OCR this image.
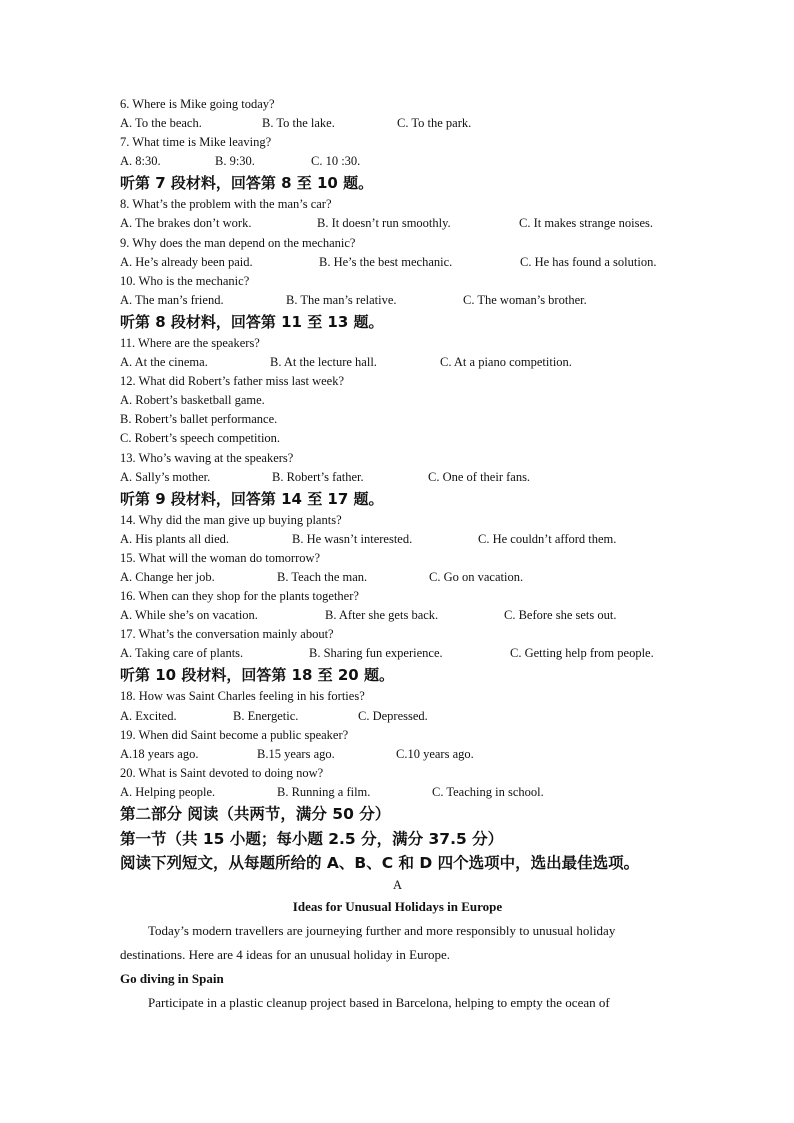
6. Where is Mike going today?
A. To the beach.	B. To the lake.	C. To the park.
7. What time is Mike leaving?
A. 8:30.	B. 9:30.	C. 10 :30.
听第 7 段材料，回答第 8 至 10 题。
8. What’s the problem with the man’s car?
A. The brakes don’t work.	B. It doesn’t run smoothly.	C. It makes strange noises.
9. Why does the man depend on the mechanic?
A. He’s already been paid.	B. He’s the best mechanic.	C. He has found a solution.
10. Who is the mechanic?
A. The man’s friend.	B. The man’s relative.	C. The woman’s brother.
听第 8 段材料，回答第 11 至 13 题。
11. Where are the speakers?
A. At the cinema.	B. At the lecture hall.	C. At a piano competition.
12. What did Robert’s father miss last week?
A. Robert’s basketball game.
B. Robert’s ballet performance.
C. Robert’s speech competition.
13. Who’s waving at the speakers?
A. Sally’s mother.	B. Robert’s father.	C. One of their fans.
听第 9 段材料，回答第 14 至 17 题。
14. Why did the man give up buying plants?
A. His plants all died.	B. He wasn’t interested.	C. He couldn’t afford them.
15. What will the woman do tomorrow?
A. Change her job.	B. Teach the man.	C. Go on vacation.
16. When can they shop for the plants together?
A. While she’s on vacation.	B. After she gets back.	C. Before she sets out.
17. What’s the conversation mainly about?
A. Taking care of plants.	B. Sharing fun experience.	C. Getting help from people.
听第 10 段材料，回答第 18 至 20 题。
18. How was Saint Charles feeling in his forties?
A. Excited.	B. Energetic.	C. Depressed.
19. When did Saint become a public speaker?
A.18 years ago.	B.15 years ago.	C.10 years ago.
20. What is Saint devoted to doing now?
A. Helping people.	B. Running a film.	C. Teaching in school.
第二部分 阅读（共两节，满分 50 分）
第一节（共 15 小题；每小题 2.5 分，满分 37.5 分）
阅读下列短文，从每题所给的 A、B、C 和 D 四个选项中，选出最佳选项。
A
Ideas for Unusual Holidays in Europe
Today’s modern travellers are journeying further and more responsibly to unusual holiday destinations. Here are 4 ideas for an unusual holiday in Europe.
Go diving in Spain
Participate in a plastic cleanup project based in Barcelona, helping to empty the ocean of
